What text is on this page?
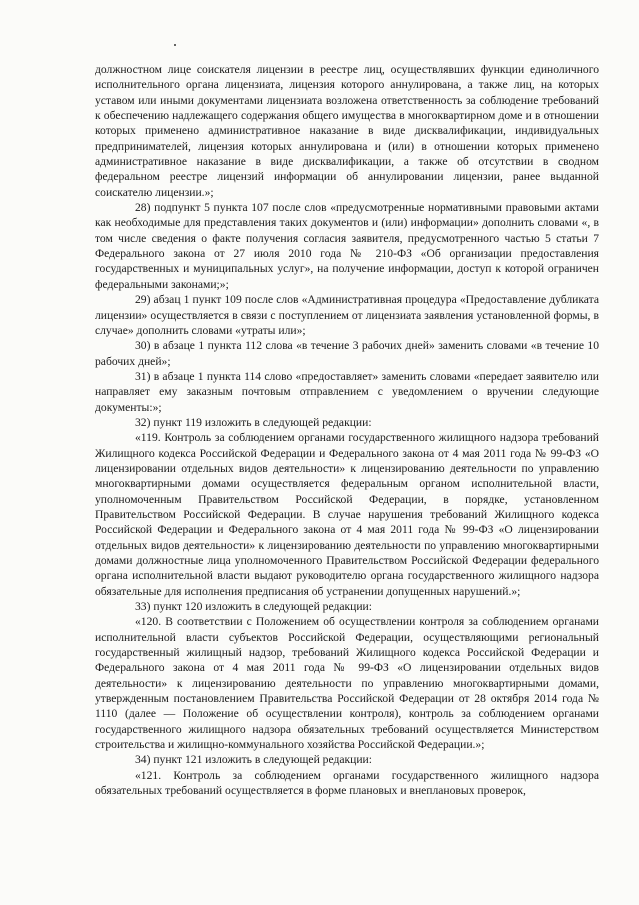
должностном лице соискателя лицензии в реестре лиц, осуществлявших функции единоличного исполнительного органа лицензиата, лицензия которого аннулирована, а также лиц, на которых уставом или иными документами лицензиата возложена ответственность за соблюдение требований к обеспечению надлежащего содержания общего имущества в многоквартирном доме и в отношении которых применено административное наказание в виде дисквалификации, индивидуальных предпринимателей, лицензия которых аннулирована и (или) в отношении которых применено административное наказание в виде дисквалификации, а также об отсутствии в сводном федеральном реестре лицензий информации об аннулировании лицензии, ранее выданной соискателю лицензии.»;

28) подпункт 5 пункта 107 после слов «предусмотренные нормативными правовыми актами как необходимые для представления таких документов и (или) информации» дополнить словами «, в том числе сведения о факте получения согласия заявителя, предусмотренного частью 5 статьи 7 Федерального закона от 27 июля 2010 года № 210-ФЗ «Об организации предоставления государственных и муниципальных услуг», на получение информации, доступ к которой ограничен федеральными законами;»;

29) абзац 1 пункт 109 после слов «Административная процедура «Предоставление дубликата лицензии» осуществляется в связи с поступлением от лицензиата заявления установленной формы, в случае» дополнить словами «утраты или»;

30) в абзаце 1 пункта 112 слова «в течение 3 рабочих дней» заменить словами «в течение 10 рабочих дней»;

31) в абзаце 1 пункта 114 слово «предоставляет» заменить словами «передает заявителю или направляет ему заказным почтовым отправлением с уведомлением о вручении следующие документы:»;

32) пункт 119 изложить в следующей редакции:

«119. Контроль за соблюдением органами государственного жилищного надзора требований Жилищного кодекса Российской Федерации и Федерального закона от 4 мая 2011 года № 99-ФЗ «О лицензировании отдельных видов деятельности» к лицензированию деятельности по управлению многоквартирными домами осуществляется федеральным органом исполнительной власти, уполномоченным Правительством Российской Федерации, в порядке, установленном Правительством Российской Федерации. В случае нарушения требований Жилищного кодекса Российской Федерации и Федерального закона от 4 мая 2011 года № 99-ФЗ «О лицензировании отдельных видов деятельности» к лицензированию деятельности по управлению многоквартирными домами должностные лица уполномоченного Правительством Российской Федерации федерального органа исполнительной власти выдают руководителю органа государственного жилищного надзора обязательные для исполнения предписания об устранении допущенных нарушений.»;

33) пункт 120 изложить в следующей редакции:

«120. В соответствии с Положением об осуществлении контроля за соблюдением органами исполнительной власти субъектов Российской Федерации, осуществляющими региональный государственный жилищный надзор, требований Жилищного кодекса Российской Федерации и Федерального закона от 4 мая 2011 года № 99-ФЗ «О лицензировании отдельных видов деятельности» к лицензированию деятельности по управлению многоквартирными домами, утвержденным постановлением Правительства Российской Федерации от 28 октября 2014 года № 1110 (далее — Положение об осуществлении контроля), контроль за соблюдением органами государственного жилищного надзора обязательных требований осуществляется Министерством строительства и жилищно-коммунального хозяйства Российской Федерации.»;

34) пункт 121 изложить в следующей редакции:

«121. Контроль за соблюдением органами государственного жилищного надзора обязательных требований осуществляется в форме плановых и внеплановых проверок,
